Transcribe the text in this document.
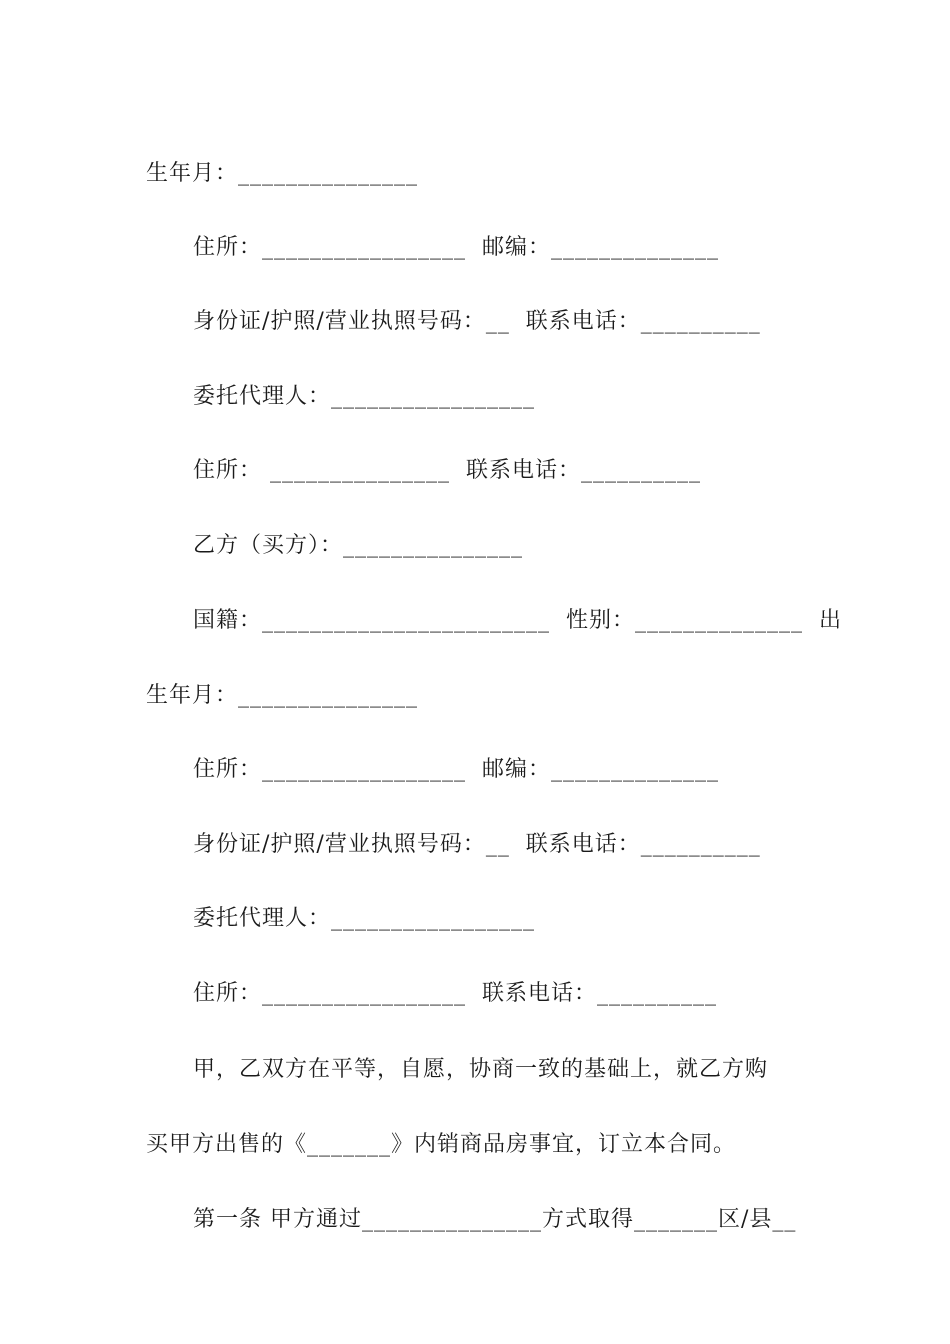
生年月：_______________

住所：_________________  邮编：______________

身份证/护照/营业执照号码：__  联系电话：__________

委托代理人：_________________

住所： _______________  联系电话：__________

乙方（买方）：_______________

国籍：________________________  性别：______________  出

生年月：_______________

住所：_________________  邮编：______________

身份证/护照/营业执照号码：__  联系电话：__________

委托代理人：_________________

住所：_________________  联系电话：__________

甲，乙双方在平等，自愿，协商一致的基础上，就乙方购

买甲方出售的《_______》内销商品房事宜，订立本合同。

第一条 甲方通过_______________方式取得_______区/县__
